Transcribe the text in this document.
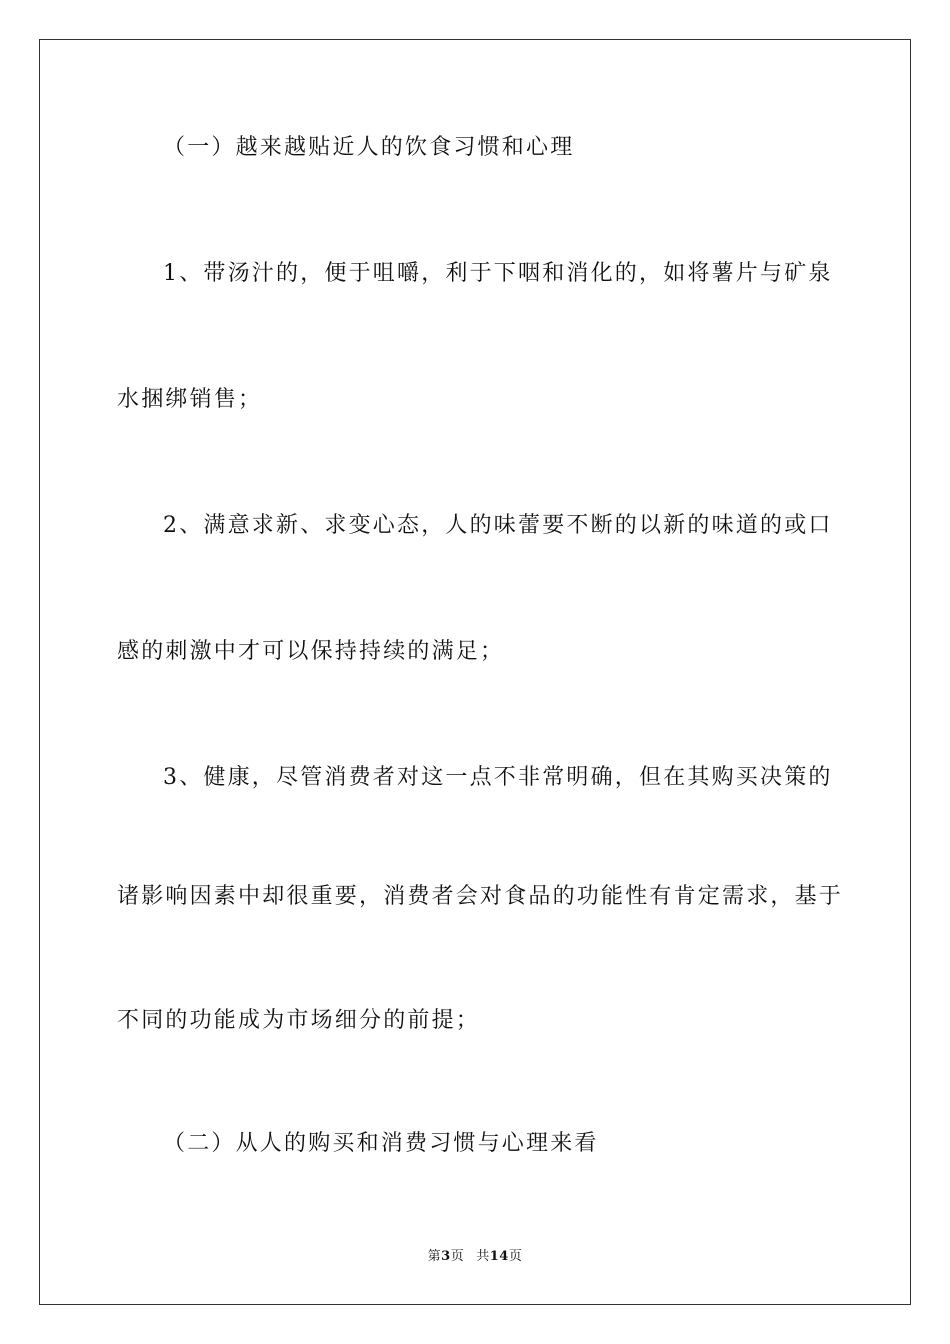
（一）越来越贴近人的饮食习惯和心理
1、带汤汁的，便于咀嚼，利于下咽和消化的，如将薯片与矿泉
水捆绑销售；
2、满意求新、求变心态，人的味蕾要不断的以新的味道的或口
感的刺激中才可以保持持续的满足；
3、健康，尽管消费者对这一点不非常明确，但在其购买决策的
诸影响因素中却很重要，消费者会对食品的功能性有肯定需求，基于
不同的功能成为市场细分的前提；
（二）从人的购买和消费习惯与心理来看
第3页 共14页
